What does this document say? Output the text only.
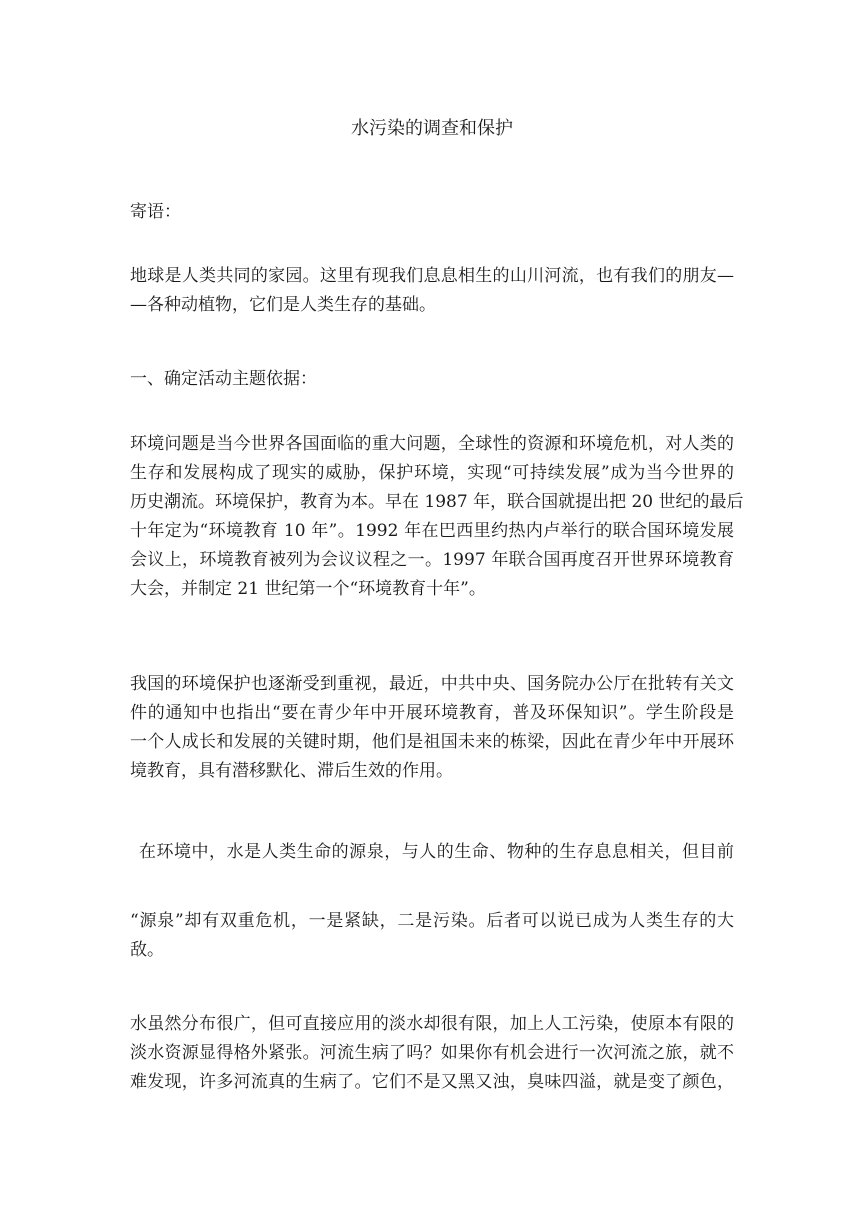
水污染的调查和保护

寄语：

地球是人类共同的家园。这里有现我们息息相生的山川河流，也有我们的朋友—
—各种动植物，它们是人类生存的基础。

一、确定活动主题依据：

环境问题是当今世界各国面临的重大问题，全球性的资源和环境危机，对人类的
生存和发展构成了现实的威胁，保护环境，实现“可持续发展”成为当今世界的
历史潮流。环境保护，教育为本。早在 1987 年，联合国就提出把 20 世纪的最后
十年定为“环境教育 10 年”。1992 年在巴西里约热内卢举行的联合国环境发展
会议上，环境教育被列为会议议程之一。1997 年联合国再度召开世界环境教育
大会，并制定 21 世纪第一个“环境教育十年”。

我国的环境保护也逐渐受到重视，最近，中共中央、国务院办公厅在批转有关文
件的通知中也指出“要在青少年中开展环境教育，普及环保知识”。学生阶段是
一个人成长和发展的关键时期，他们是祖国未来的栋梁，因此在青少年中开展环
境教育，具有潜移默化、滞后生效的作用。

在环境中，水是人类生命的源泉，与人的生命、物种的生存息息相关，但目前

“源泉”却有双重危机，一是紧缺，二是污染。后者可以说已成为人类生存的大
敌。

水虽然分布很广，但可直接应用的淡水却很有限，加上人工污染，使原本有限的
淡水资源显得格外紧张。河流生病了吗？如果你有机会进行一次河流之旅，就不
难发现，许多河流真的生病了。它们不是又黑又浊，臭味四溢，就是变了颜色，
